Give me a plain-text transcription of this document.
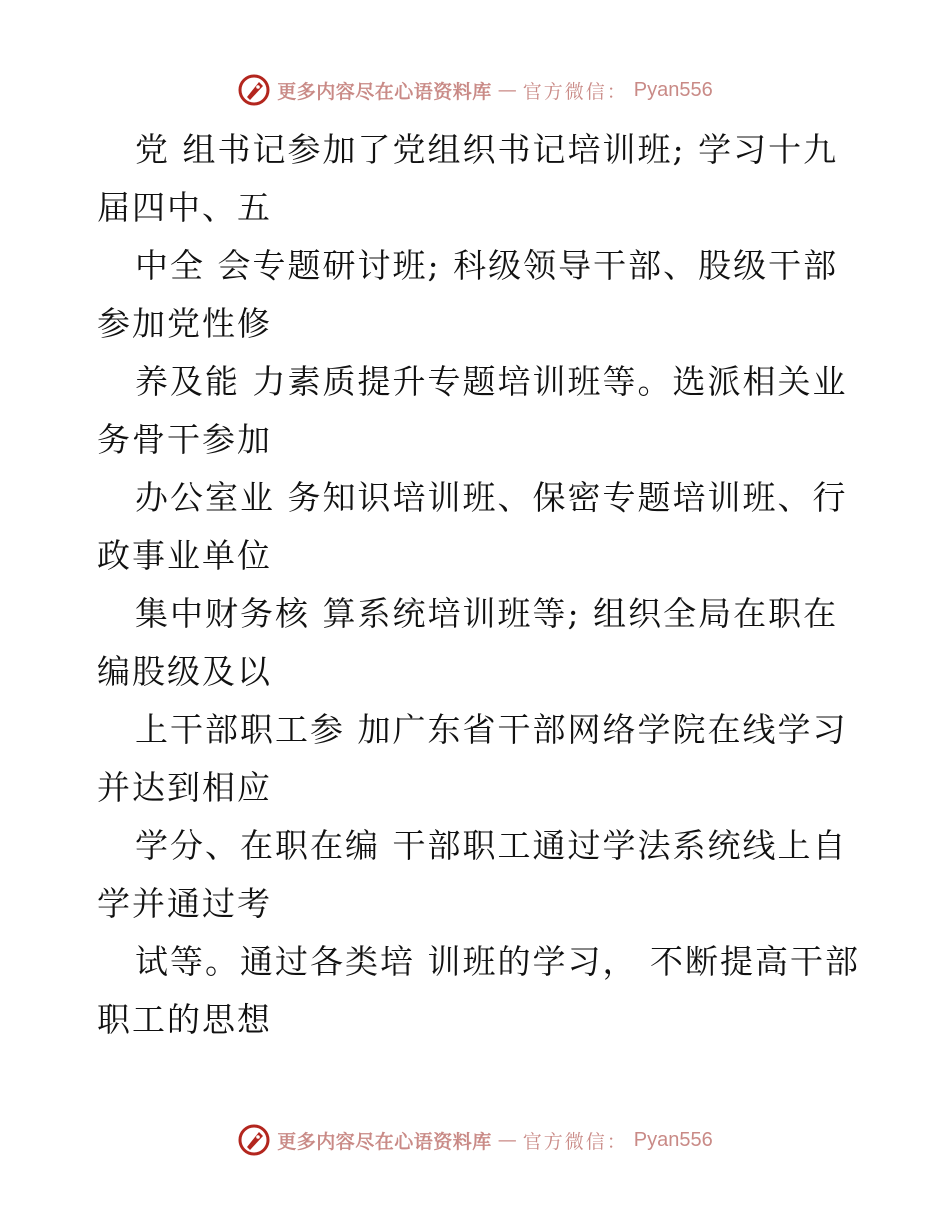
更多内容尽在心语资料库 — 官方微信： Pyan556
党 组书记参加了党组织书记培训班; 学习十九
届四中、五
中全 会专题研讨班; 科级领导干部、股级干部
参加党性修
养及能 力素质提升专题培训班等。选派相关业
务骨干参加
办公室业 务知识培训班、保密专题培训班、行
政事业单位
集中财务核 算系统培训班等; 组织全局在职在
编股级及以
上干部职工参 加广东省干部网络学院在线学习
并达到相应
学分、在职在编 干部职工通过学法系统线上自
学并通过考
试等。通过各类培 训班的学习， 不断提高干部
职工的思想
更多内容尽在心语资料库 — 官方微信： Pyan556
